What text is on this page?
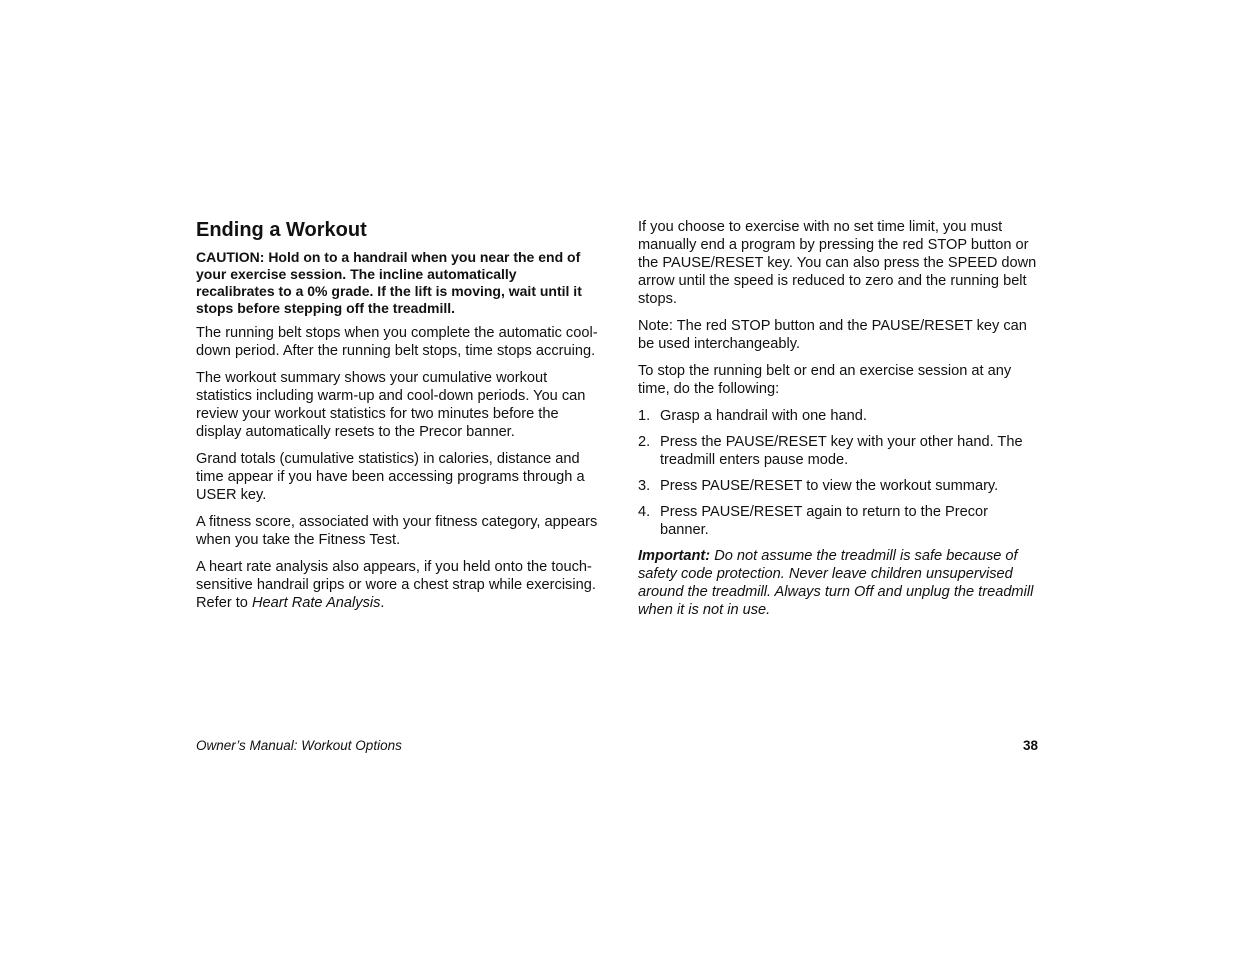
Ending a Workout

CAUTION: Hold on to a handrail when you near the end of your exercise session. The incline automatically recalibrates to a 0% grade. If the lift is moving, wait until it stops before stepping off the treadmill.

The running belt stops when you complete the automatic cool-down period. After the running belt stops, time stops accruing.

The workout summary shows your cumulative workout statistics including warm-up and cool-down periods. You can review your workout statistics for two minutes before the display automatically resets to the Precor banner.

Grand totals (cumulative statistics) in calories, distance and time appear if you have been accessing programs through a USER key.

A fitness score, associated with your fitness category, appears when you take the Fitness Test.

A heart rate analysis also appears, if you held onto the touch-sensitive handrail grips or wore a chest strap while exercising. Refer to Heart Rate Analysis.

If you choose to exercise with no set time limit, you must manually end a program by pressing the red STOP button or the PAUSE/RESET key. You can also press the SPEED down arrow until the speed is reduced to zero and the running belt stops.

Note: The red STOP button and the PAUSE/RESET key can be used interchangeably.

To stop the running belt or end an exercise session at any time, do the following:

1. Grasp a handrail with one hand.
2. Press the PAUSE/RESET key with your other hand. The treadmill enters pause mode.
3. Press PAUSE/RESET to view the workout summary.
4. Press PAUSE/RESET again to return to the Precor banner.

Important: Do not assume the treadmill is safe because of safety code protection. Never leave children unsupervised around the treadmill. Always turn Off and unplug the treadmill when it is not in use.

Owner’s Manual: Workout Options	38
